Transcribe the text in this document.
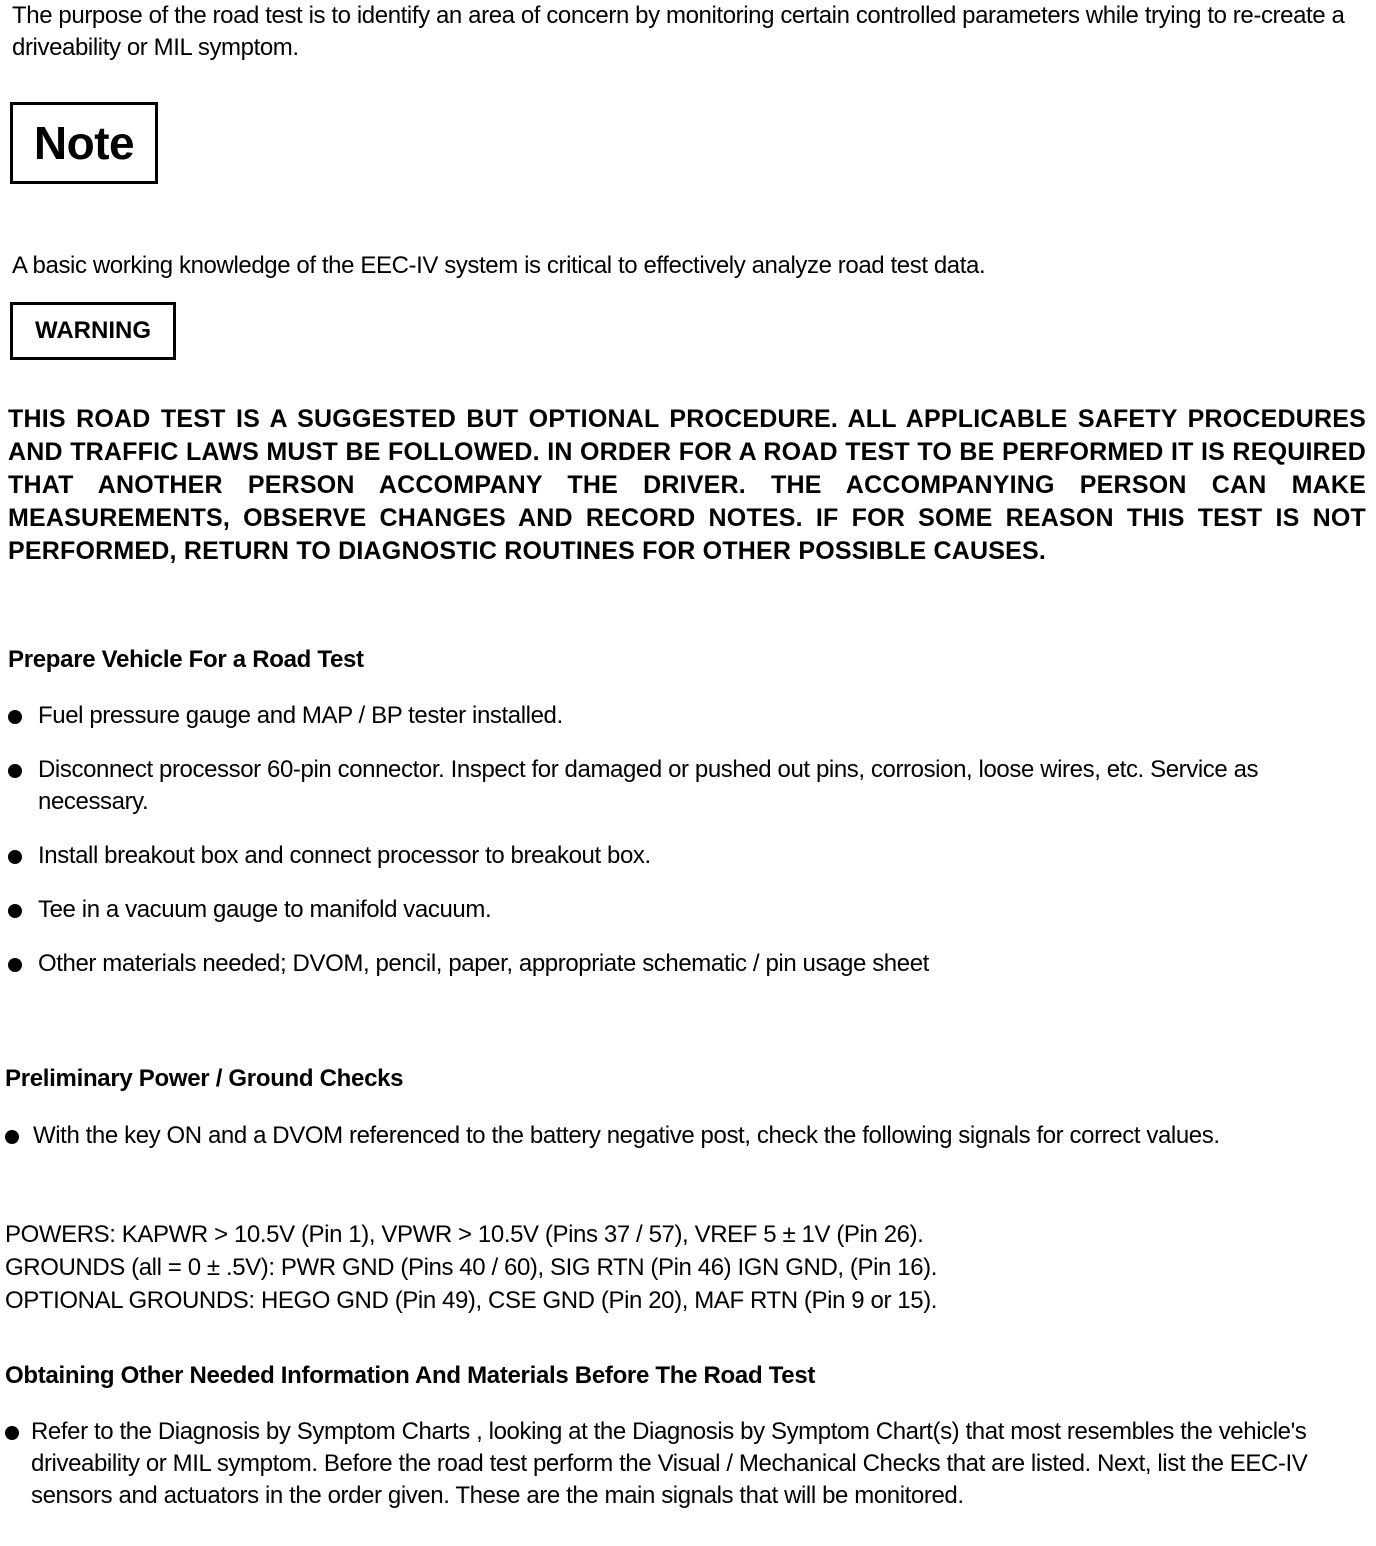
The purpose of the road test is to identify an area of concern by monitoring certain controlled parameters while trying to re-create a driveability or MIL symptom.
Note
A basic working knowledge of the EEC-IV system is critical to effectively analyze road test data.
WARNING
THIS ROAD TEST IS A SUGGESTED BUT OPTIONAL PROCEDURE. ALL APPLICABLE SAFETY PROCEDURES AND TRAFFIC LAWS MUST BE FOLLOWED. IN ORDER FOR A ROAD TEST TO BE PERFORMED IT IS REQUIRED THAT ANOTHER PERSON ACCOMPANY THE DRIVER. THE ACCOMPANYING PERSON CAN MAKE MEASUREMENTS, OBSERVE CHANGES AND RECORD NOTES. IF FOR SOME REASON THIS TEST IS NOT PERFORMED, RETURN TO DIAGNOSTIC ROUTINES FOR OTHER POSSIBLE CAUSES.
Prepare Vehicle For a Road Test
Fuel pressure gauge and MAP / BP tester installed.
Disconnect processor 60-pin connector. Inspect for damaged or pushed out pins, corrosion, loose wires, etc. Service as necessary.
Install breakout box and connect processor to breakout box.
Tee in a vacuum gauge to manifold vacuum.
Other materials needed; DVOM, pencil, paper, appropriate schematic / pin usage sheet
Preliminary Power / Ground Checks
With the key ON and a DVOM referenced to the battery negative post, check the following signals for correct values.
POWERS: KAPWR > 10.5V (Pin 1), VPWR > 10.5V (Pins 37 / 57), VREF 5 ± 1V (Pin 26).
GROUNDS (all = 0 ± .5V): PWR GND (Pins 40 / 60), SIG RTN (Pin 46) IGN GND, (Pin 16).
OPTIONAL GROUNDS: HEGO GND (Pin 49), CSE GND (Pin 20), MAF RTN (Pin 9 or 15).
Obtaining Other Needed Information And Materials Before The Road Test
Refer to the Diagnosis by Symptom Charts , looking at the Diagnosis by Symptom Chart(s) that most resembles the vehicle's driveability or MIL symptom. Before the road test perform the Visual / Mechanical Checks that are listed. Next, list the EEC-IV sensors and actuators in the order given. These are the main signals that will be monitored.
